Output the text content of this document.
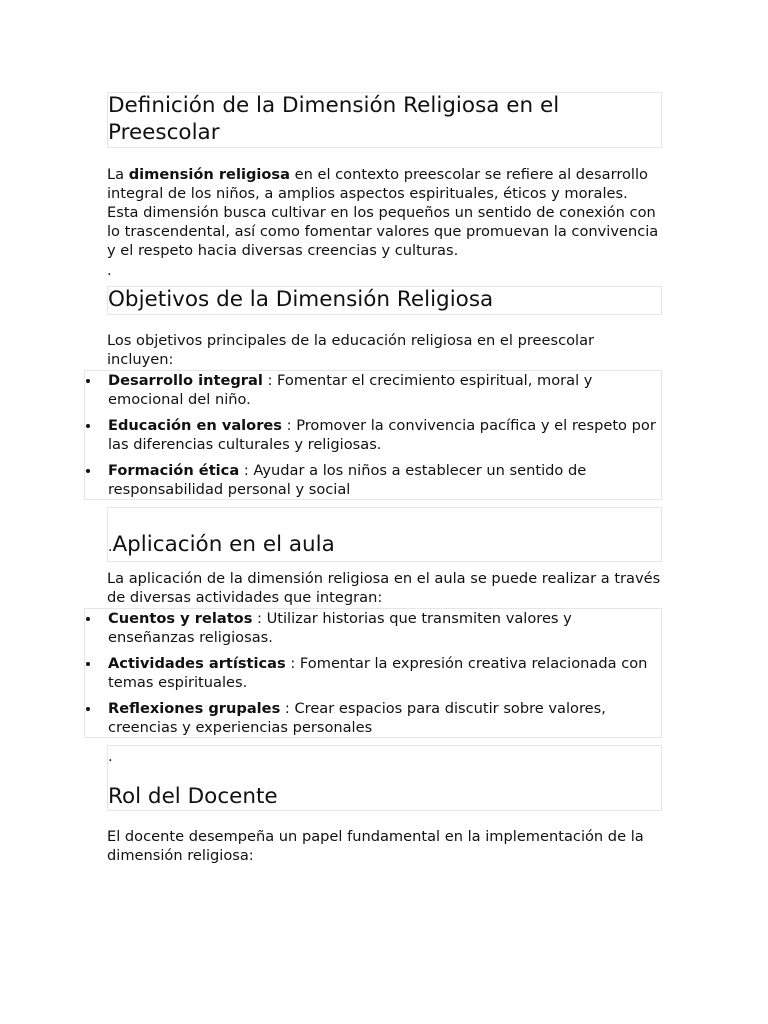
Definición de la Dimensión Religiosa en el Preescolar
La dimensión religiosa en el contexto preescolar se refiere al desarrollo integral de los niños, a amplios aspectos espirituales, éticos y morales. Esta dimensión busca cultivar en los pequeños un sentido de conexión con lo trascendental, así como fomentar valores que promuevan la convivencia y el respeto hacia diversas creencias y culturas.
.
Objetivos de la Dimensión Religiosa
Los objetivos principales de la educación religiosa en el preescolar incluyen:
Desarrollo integral : Fomentar el crecimiento espiritual, moral y emocional del niño.
Educación en valores : Promover la convivencia pacífica y el respeto por las diferencias culturales y religiosas.
Formación ética : Ayudar a los niños a establecer un sentido de responsabilidad personal y social
.Aplicación en el aula
La aplicación de la dimensión religiosa en el aula se puede realizar a través de diversas actividades que integran:
Cuentos y relatos : Utilizar historias que transmiten valores y enseñanzas religiosas.
Actividades artísticas : Fomentar la expresión creativa relacionada con temas espirituales.
Reflexiones grupales : Crear espacios para discutir sobre valores, creencias y experiencias personales
.
Rol del Docente
El docente desempeña un papel fundamental en la implementación de la dimensión religiosa:
